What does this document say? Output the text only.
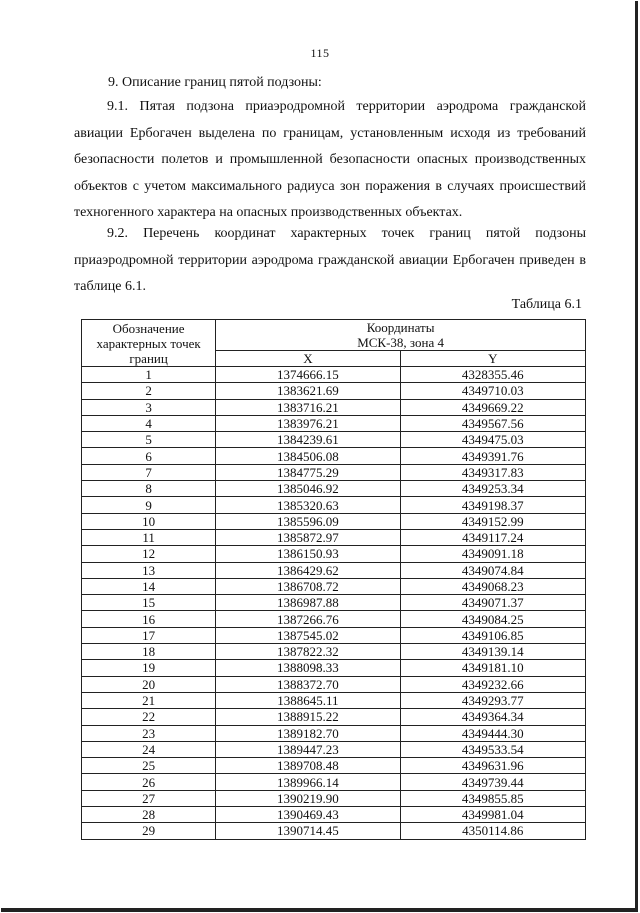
115
9. Описание границ пятой подзоны:
9.1. Пятая подзона приаэродромной территории аэродрома гражданской авиации Ербогачен выделена по границам, установленным исходя из требований безопасности полетов и промышленной безопасности опасных производственных объектов с учетом максимального радиуса зон поражения в случаях происшествий техногенного характера на опасных производственных объектах.
9.2. Перечень координат характерных точек границ пятой подзоны приаэродромной территории аэродрома гражданской авиации Ербогачен приведен в таблице 6.1.
Таблица 6.1
Обозначение характерных точек границ	Координаты
МСК-38, зона 4	
	X	Y
1	1374666.15	4328355.46
2	1383621.69	4349710.03
3	1383716.21	4349669.22
4	1383976.21	4349567.56
5	1384239.61	4349475.03
6	1384506.08	4349391.76
7	1384775.29	4349317.83
8	1385046.92	4349253.34
9	1385320.63	4349198.37
10	1385596.09	4349152.99
11	1385872.97	4349117.24
12	1386150.93	4349091.18
13	1386429.62	4349074.84
14	1386708.72	4349068.23
15	1386987.88	4349071.37
16	1387266.76	4349084.25
17	1387545.02	4349106.85
18	1387822.32	4349139.14
19	1388098.33	4349181.10
20	1388372.70	4349232.66
21	1388645.11	4349293.77
22	1388915.22	4349364.34
23	1389182.70	4349444.30
24	1389447.23	4349533.54
25	1389708.48	4349631.96
26	1389966.14	4349739.44
27	1390219.90	4349855.85
28	1390469.43	4349981.04
29	1390714.45	4350114.86
